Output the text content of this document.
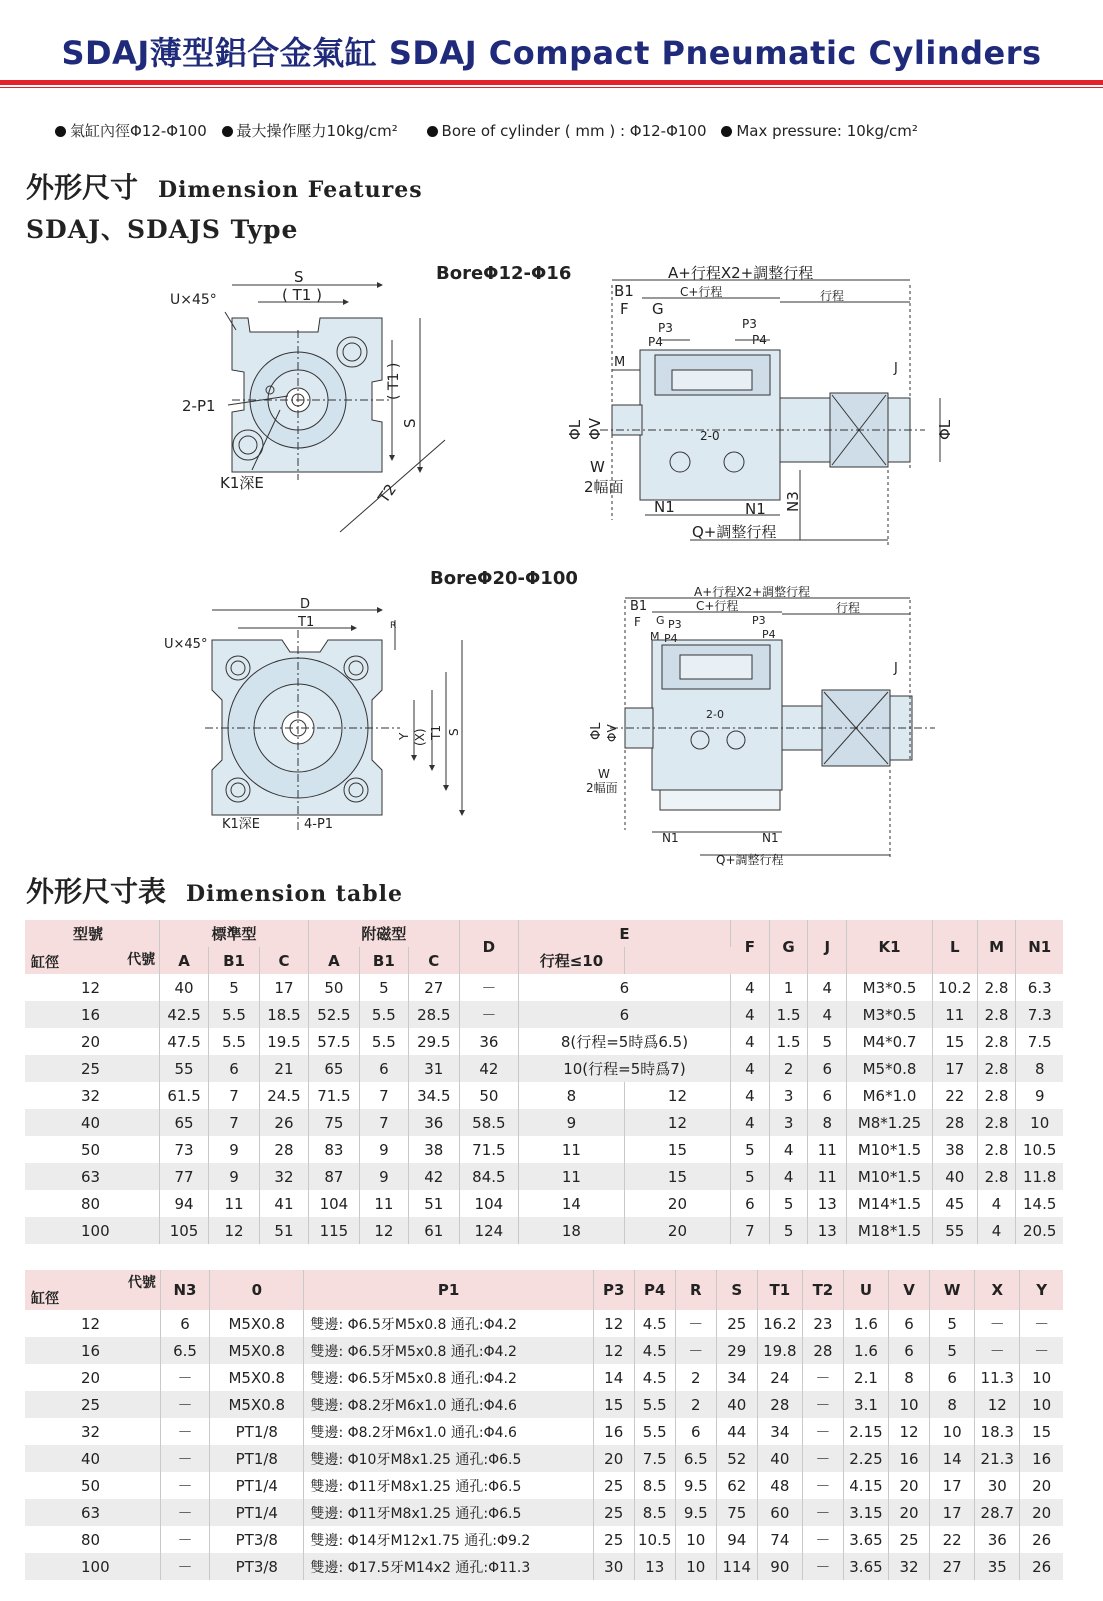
SDAJ薄型鋁合金氣缸 SDAJ Compact Pneumatic Cylinders
氣缸內徑Φ12-Φ100 最大操作壓力10kg/cm²	Bore of cylinder ( mm ) : Φ12-Φ100 Max pressure: 10kg/cm²
外形尺寸 Dimension Features
SDAJ、SDAJS Type
BoreΦ12-Φ16
BoreΦ20-Φ100
S
( T1 )
U×45°
2-P1
K1深E	T2
( T1 )
S
A+行程X2+調整行程
B1	C+行程	行程
F G
P3
P4
P3
P4
M	J
ΦL ΦV	2-0
W
2幅面
N1	N1 N3
Q+調整行程
ΦL
D
T1	R
U×45°
Y (X) T1 S
K1深E	4-P1
A+行程X2+調整行程
B1	C+行程	行程
F G P3
M P4
P3
P4
J
ΦL ΦV
2-0
W
2幅面
N1	N1
Q+調整行程
外形尺寸表 Dimension table
型號	標準型			附磁型			D	E		F	G	J	K1	L	M	N1

代號
缸徑	A	B1	C	A	B1	C		行程≤10								
12	40	5	17	50	5	27	－	6		4	1	4	M3*0.5	10.2	2.8	6.3
16	42.5	5.5	18.5	52.5	5.5	28.5	－	6		4	1.5	4	M3*0.5	11	2.8	7.3
20	47.5	5.5	19.5	57.5	5.5	29.5	36	8(行程=5時爲6.5)		4	1.5	5	M4*0.7	15	2.8	7.5
25	55	6	21	65	6	31	42	10(行程=5時爲7)		4	2	6	M5*0.8	17	2.8	8
32	61.5	7	24.5	71.5	7	34.5	50	8	12	4	3	6	M6*1.0	22	2.8	9
40	65	7	26	75	7	36	58.5	9	12	4	3	8	M8*1.25	28	2.8	10
50	73	9	28	83	9	38	71.5	11	15	5	4	11	M10*1.5	38	2.8	10.5
63	77	9	32	87	9	42	84.5	11	15	5	4	11	M10*1.5	40	2.8	11.8
80	94	11	41	104	11	51	104	14	20	6	5	13	M14*1.5	45	4	14.5
100	105	12	51	115	12	61	124	18	20	7	5	13	M18*1.5	55	4	20.5
代號
缸徑	N3	0	P1	P3	P4	R	S	T1	T2	U	V	W	X	Y
12	6	M5X0.8	雙邊: Φ6.5牙M5x0.8 通孔:Φ4.2	12	4.5	－	25	16.2	23	1.6	6	5	－	－
16	6.5	M5X0.8	雙邊: Φ6.5牙M5x0.8 通孔:Φ4.2	12	4.5	－	29	19.8	28	1.6	6	5	－	－
20	－	M5X0.8	雙邊: Φ6.5牙M5x0.8 通孔:Φ4.2	14	4.5	2	34	24	－	2.1	8	6	11.3	10
25	－	M5X0.8	雙邊: Φ8.2牙M6x1.0 通孔:Φ4.6	15	5.5	2	40	28	－	3.1	10	8	12	10
32	－	PT1/8	雙邊: Φ8.2牙M6x1.0 通孔:Φ4.6	16	5.5	6	44	34	－	2.15	12	10	18.3	15
40	－	PT1/8	雙邊: Φ10牙M8x1.25 通孔:Φ6.5	20	7.5	6.5	52	40	－	2.25	16	14	21.3	16
50	－	PT1/4	雙邊: Φ11牙M8x1.25 通孔:Φ6.5	25	8.5	9.5	62	48	－	4.15	20	17	30	20
63	－	PT1/4	雙邊: Φ11牙M8x1.25 通孔:Φ6.5	25	8.5	9.5	75	60	－	3.15	20	17	28.7	20
80	－	PT3/8	雙邊: Φ14牙M12x1.75 通孔:Φ9.2	25	10.5	10	94	74	－	3.65	25	22	36	26
100	－	PT3/8	雙邊: Φ17.5牙M14x2 通孔:Φ11.3	30	13	10	114	90	－	3.65	32	27	35	26
